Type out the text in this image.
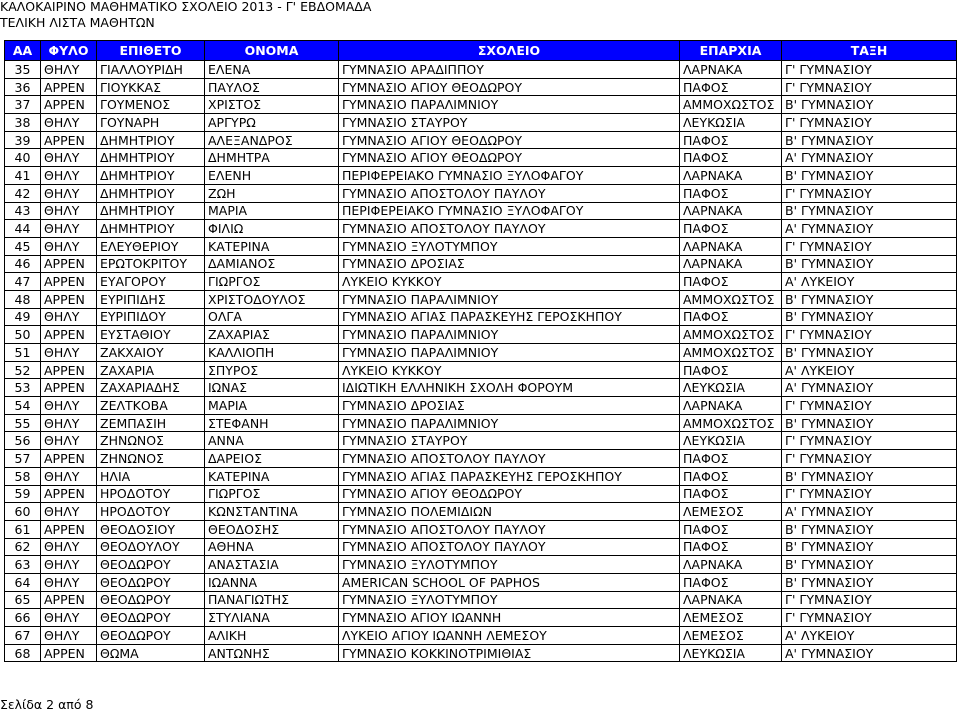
ΚΑΛΟΚΑΙΡΙΝΟ ΜΑΘΗΜΑΤΙΚΟ ΣΧΟΛΕΙΟ 2013 - Γ' ΕΒΔΟΜΑΔΑ
ΤΕΛΙΚΗ ΛΙΣΤΑ ΜΑΘΗΤΩΝ
ΑΑ	ΦΥΛΟ	ΕΠΙΘΕΤΟ	ΟΝΟΜΑ	ΣΧΟΛΕΙΟ	ΕΠΑΡΧΙΑ	ΤΑΞΗ
35	ΘΗΛΥ	ΓΙΑΛΛΟΥΡΙΔΗ	ΕΛΕΝΑ	ΓΥΜΝΑΣΙΟ ΑΡΑΔΙΠΠΟΥ	ΛΑΡΝΑΚΑ	Γ' ΓΥΜΝΑΣΙΟΥ
36	ΑΡΡΕΝ	ΓΙΟΥΚΚΑΣ	ΠΑΥΛΟΣ	ΓΥΜΝΑΣΙΟ ΑΓΙΟΥ ΘΕΟΔΩΡΟΥ	ΠΑΦΟΣ	Γ' ΓΥΜΝΑΣΙΟΥ
37	ΑΡΡΕΝ	ΓΟΥΜΕΝΟΣ	ΧΡΙΣΤΟΣ	ΓΥΜΝΑΣΙΟ ΠΑΡΑΛΙΜΝΙΟΥ	ΑΜΜΟΧΩΣΤΟΣ	Β' ΓΥΜΝΑΣΙΟΥ
38	ΘΗΛΥ	ΓΟΥΝΑΡΗ	ΑΡΓΥΡΩ	ΓΥΜΝΑΣΙΟ ΣΤΑΥΡΟΥ	ΛΕΥΚΩΣΙΑ	Γ' ΓΥΜΝΑΣΙΟΥ
39	ΑΡΡΕΝ	ΔΗΜΗΤΡΙΟΥ	ΑΛΕΞΑΝΔΡΟΣ	ΓΥΜΝΑΣΙΟ ΑΓΙΟΥ ΘΕΟΔΩΡΟΥ	ΠΑΦΟΣ	Β' ΓΥΜΝΑΣΙΟΥ
40	ΘΗΛΥ	ΔΗΜΗΤΡΙΟΥ	ΔΗΜΗΤΡΑ	ΓΥΜΝΑΣΙΟ ΑΓΙΟΥ ΘΕΟΔΩΡΟΥ	ΠΑΦΟΣ	Α' ΓΥΜΝΑΣΙΟΥ
41	ΘΗΛΥ	ΔΗΜΗΤΡΙΟΥ	ΕΛΕΝΗ	ΠΕΡΙΦΕΡΕΙΑΚΟ ΓΥΜΝΑΣΙΟ ΞΥΛΟΦΑΓΟΥ	ΛΑΡΝΑΚΑ	Β' ΓΥΜΝΑΣΙΟΥ
42	ΘΗΛΥ	ΔΗΜΗΤΡΙΟΥ	ΖΩΗ	ΓΥΜΝΑΣΙΟ ΑΠΟΣΤΟΛΟΥ ΠΑΥΛΟΥ	ΠΑΦΟΣ	Γ' ΓΥΜΝΑΣΙΟΥ
43	ΘΗΛΥ	ΔΗΜΗΤΡΙΟΥ	ΜΑΡΙΑ	ΠΕΡΙΦΕΡΕΙΑΚΟ ΓΥΜΝΑΣΙΟ ΞΥΛΟΦΑΓΟΥ	ΛΑΡΝΑΚΑ	Β' ΓΥΜΝΑΣΙΟΥ
44	ΘΗΛΥ	ΔΗΜΗΤΡΙΟΥ	ΦΙΛΙΩ	ΓΥΜΝΑΣΙΟ ΑΠΟΣΤΟΛΟΥ ΠΑΥΛΟΥ	ΠΑΦΟΣ	Α' ΓΥΜΝΑΣΙΟΥ
45	ΘΗΛΥ	ΕΛΕΥΘΕΡΙΟΥ	ΚΑΤΕΡΙΝΑ	ΓΥΜΝΑΣΙΟ ΞΥΛΟΤΥΜΠΟΥ	ΛΑΡΝΑΚΑ	Γ' ΓΥΜΝΑΣΙΟΥ
46	ΑΡΡΕΝ	ΕΡΩΤΟΚΡΙΤΟΥ	ΔΑΜΙΑΝΟΣ	ΓΥΜΝΑΣΙΟ ΔΡΟΣΙΑΣ	ΛΑΡΝΑΚΑ	Β' ΓΥΜΝΑΣΙΟΥ
47	ΑΡΡΕΝ	ΕΥΑΓΟΡΟΥ	ΓΙΩΡΓΟΣ	ΛΥΚΕΙΟ ΚΥΚΚΟΥ	ΠΑΦΟΣ	Α' ΛΥΚΕΙΟΥ
48	ΑΡΡΕΝ	ΕΥΡΙΠΙΔΗΣ	ΧΡΙΣΤΟΔΟΥΛΟΣ	ΓΥΜΝΑΣΙΟ ΠΑΡΑΛΙΜΝΙΟΥ	ΑΜΜΟΧΩΣΤΟΣ	Β' ΓΥΜΝΑΣΙΟΥ
49	ΘΗΛΥ	ΕΥΡΙΠΙΔΟΥ	ΟΛΓΑ	ΓΥΜΝΑΣΙΟ ΑΓΙΑΣ ΠΑΡΑΣΚΕΥΗΣ ΓΕΡΟΣΚΗΠΟΥ	ΠΑΦΟΣ	Β' ΓΥΜΝΑΣΙΟΥ
50	ΑΡΡΕΝ	ΕΥΣΤΑΘΙΟΥ	ΖΑΧΑΡΙΑΣ	ΓΥΜΝΑΣΙΟ ΠΑΡΑΛΙΜΝΙΟΥ	ΑΜΜΟΧΩΣΤΟΣ	Γ' ΓΥΜΝΑΣΙΟΥ
51	ΘΗΛΥ	ΖΑΚΧΑΙΟΥ	ΚΑΛΛΙΟΠΗ	ΓΥΜΝΑΣΙΟ ΠΑΡΑΛΙΜΝΙΟΥ	ΑΜΜΟΧΩΣΤΟΣ	Β' ΓΥΜΝΑΣΙΟΥ
52	ΑΡΡΕΝ	ΖΑΧΑΡΙΑ	ΣΠΥΡΟΣ	ΛΥΚΕΙΟ ΚΥΚΚΟΥ	ΠΑΦΟΣ	Α' ΛΥΚΕΙΟΥ
53	ΑΡΡΕΝ	ΖΑΧΑΡΙΑΔΗΣ	ΙΩΝΑΣ	ΙΔΙΩΤΙΚΗ ΕΛΛΗΝΙΚΗ ΣΧΟΛΗ ΦΟΡΟΥΜ	ΛΕΥΚΩΣΙΑ	Α' ΓΥΜΝΑΣΙΟΥ
54	ΘΗΛΥ	ΖΕΛΤΚΟΒΑ	ΜΑΡΙΑ	ΓΥΜΝΑΣΙΟ ΔΡΟΣΙΑΣ	ΛΑΡΝΑΚΑ	Γ' ΓΥΜΝΑΣΙΟΥ
55	ΘΗΛΥ	ΖΕΜΠΑΣΙΗ	ΣΤΕΦΑΝΗ	ΓΥΜΝΑΣΙΟ ΠΑΡΑΛΙΜΝΙΟΥ	ΑΜΜΟΧΩΣΤΟΣ	Β' ΓΥΜΝΑΣΙΟΥ
56	ΘΗΛΥ	ΖΗΝΩΝΟΣ	ΑΝΝΑ	ΓΥΜΝΑΣΙΟ ΣΤΑΥΡΟΥ	ΛΕΥΚΩΣΙΑ	Γ' ΓΥΜΝΑΣΙΟΥ
57	ΑΡΡΕΝ	ΖΗΝΩΝΟΣ	ΔΑΡΕΙΟΣ	ΓΥΜΝΑΣΙΟ ΑΠΟΣΤΟΛΟΥ ΠΑΥΛΟΥ	ΠΑΦΟΣ	Γ' ΓΥΜΝΑΣΙΟΥ
58	ΘΗΛΥ	ΗΛΙΑ	ΚΑΤΕΡΙΝΑ	ΓΥΜΝΑΣΙΟ ΑΓΙΑΣ ΠΑΡΑΣΚΕΥΗΣ ΓΕΡΟΣΚΗΠΟΥ	ΠΑΦΟΣ	Β' ΓΥΜΝΑΣΙΟΥ
59	ΑΡΡΕΝ	ΗΡΟΔΟΤΟΥ	ΓΙΩΡΓΟΣ	ΓΥΜΝΑΣΙΟ ΑΓΙΟΥ ΘΕΟΔΩΡΟΥ	ΠΑΦΟΣ	Γ' ΓΥΜΝΑΣΙΟΥ
60	ΘΗΛΥ	ΗΡΟΔΟΤΟΥ	ΚΩΝΣΤΑΝΤΙΝΑ	ΓΥΜΝΑΣΙΟ ΠΟΛΕΜΙΔΙΩΝ	ΛΕΜΕΣΟΣ	Α' ΓΥΜΝΑΣΙΟΥ
61	ΑΡΡΕΝ	ΘΕΟΔΟΣΙΟΥ	ΘΕΟΔΟΣΗΣ	ΓΥΜΝΑΣΙΟ ΑΠΟΣΤΟΛΟΥ ΠΑΥΛΟΥ	ΠΑΦΟΣ	Β' ΓΥΜΝΑΣΙΟΥ
62	ΘΗΛΥ	ΘΕΟΔΟΥΛΟΥ	ΑΘΗΝΑ	ΓΥΜΝΑΣΙΟ ΑΠΟΣΤΟΛΟΥ ΠΑΥΛΟΥ	ΠΑΦΟΣ	Β' ΓΥΜΝΑΣΙΟΥ
63	ΘΗΛΥ	ΘΕΟΔΩΡΟΥ	ΑΝΑΣΤΑΣΙΑ	ΓΥΜΝΑΣΙΟ ΞΥΛΟΤΥΜΠΟΥ	ΛΑΡΝΑΚΑ	Β' ΓΥΜΝΑΣΙΟΥ
64	ΘΗΛΥ	ΘΕΟΔΩΡΟΥ	ΙΩΑΝΝΑ	AMERICAN SCHOOL OF PAPHOS	ΠΑΦΟΣ	Β' ΓΥΜΝΑΣΙΟΥ
65	ΑΡΡΕΝ	ΘΕΟΔΩΡΟΥ	ΠΑΝΑΓΙΩΤΗΣ	ΓΥΜΝΑΣΙΟ ΞΥΛΟΤΥΜΠΟΥ	ΛΑΡΝΑΚΑ	Γ' ΓΥΜΝΑΣΙΟΥ
66	ΘΗΛΥ	ΘΕΟΔΩΡΟΥ	ΣΤΥΛΙΑΝΑ	ΓΥΜΝΑΣΙΟ ΑΓΙΟΥ ΙΩΑΝΝΗ	ΛΕΜΕΣΟΣ	Γ' ΓΥΜΝΑΣΙΟΥ
67	ΘΗΛΥ	ΘΕΟΔΩΡΟΥ	ΑΛΙΚΗ	ΛΥΚΕΙΟ ΑΓΙΟΥ ΙΩΑΝΝΗ ΛΕΜΕΣΟΥ	ΛΕΜΕΣΟΣ	Α' ΛΥΚΕΙΟΥ
68	ΑΡΡΕΝ	ΘΩΜΑ	ΑΝΤΩΝΗΣ	ΓΥΜΝΑΣΙΟ ΚΟΚΚΙΝΟΤΡΙΜΙΘΙΑΣ	ΛΕΥΚΩΣΙΑ	Α' ΓΥΜΝΑΣΙΟΥ
Σελίδα 2 από 8
